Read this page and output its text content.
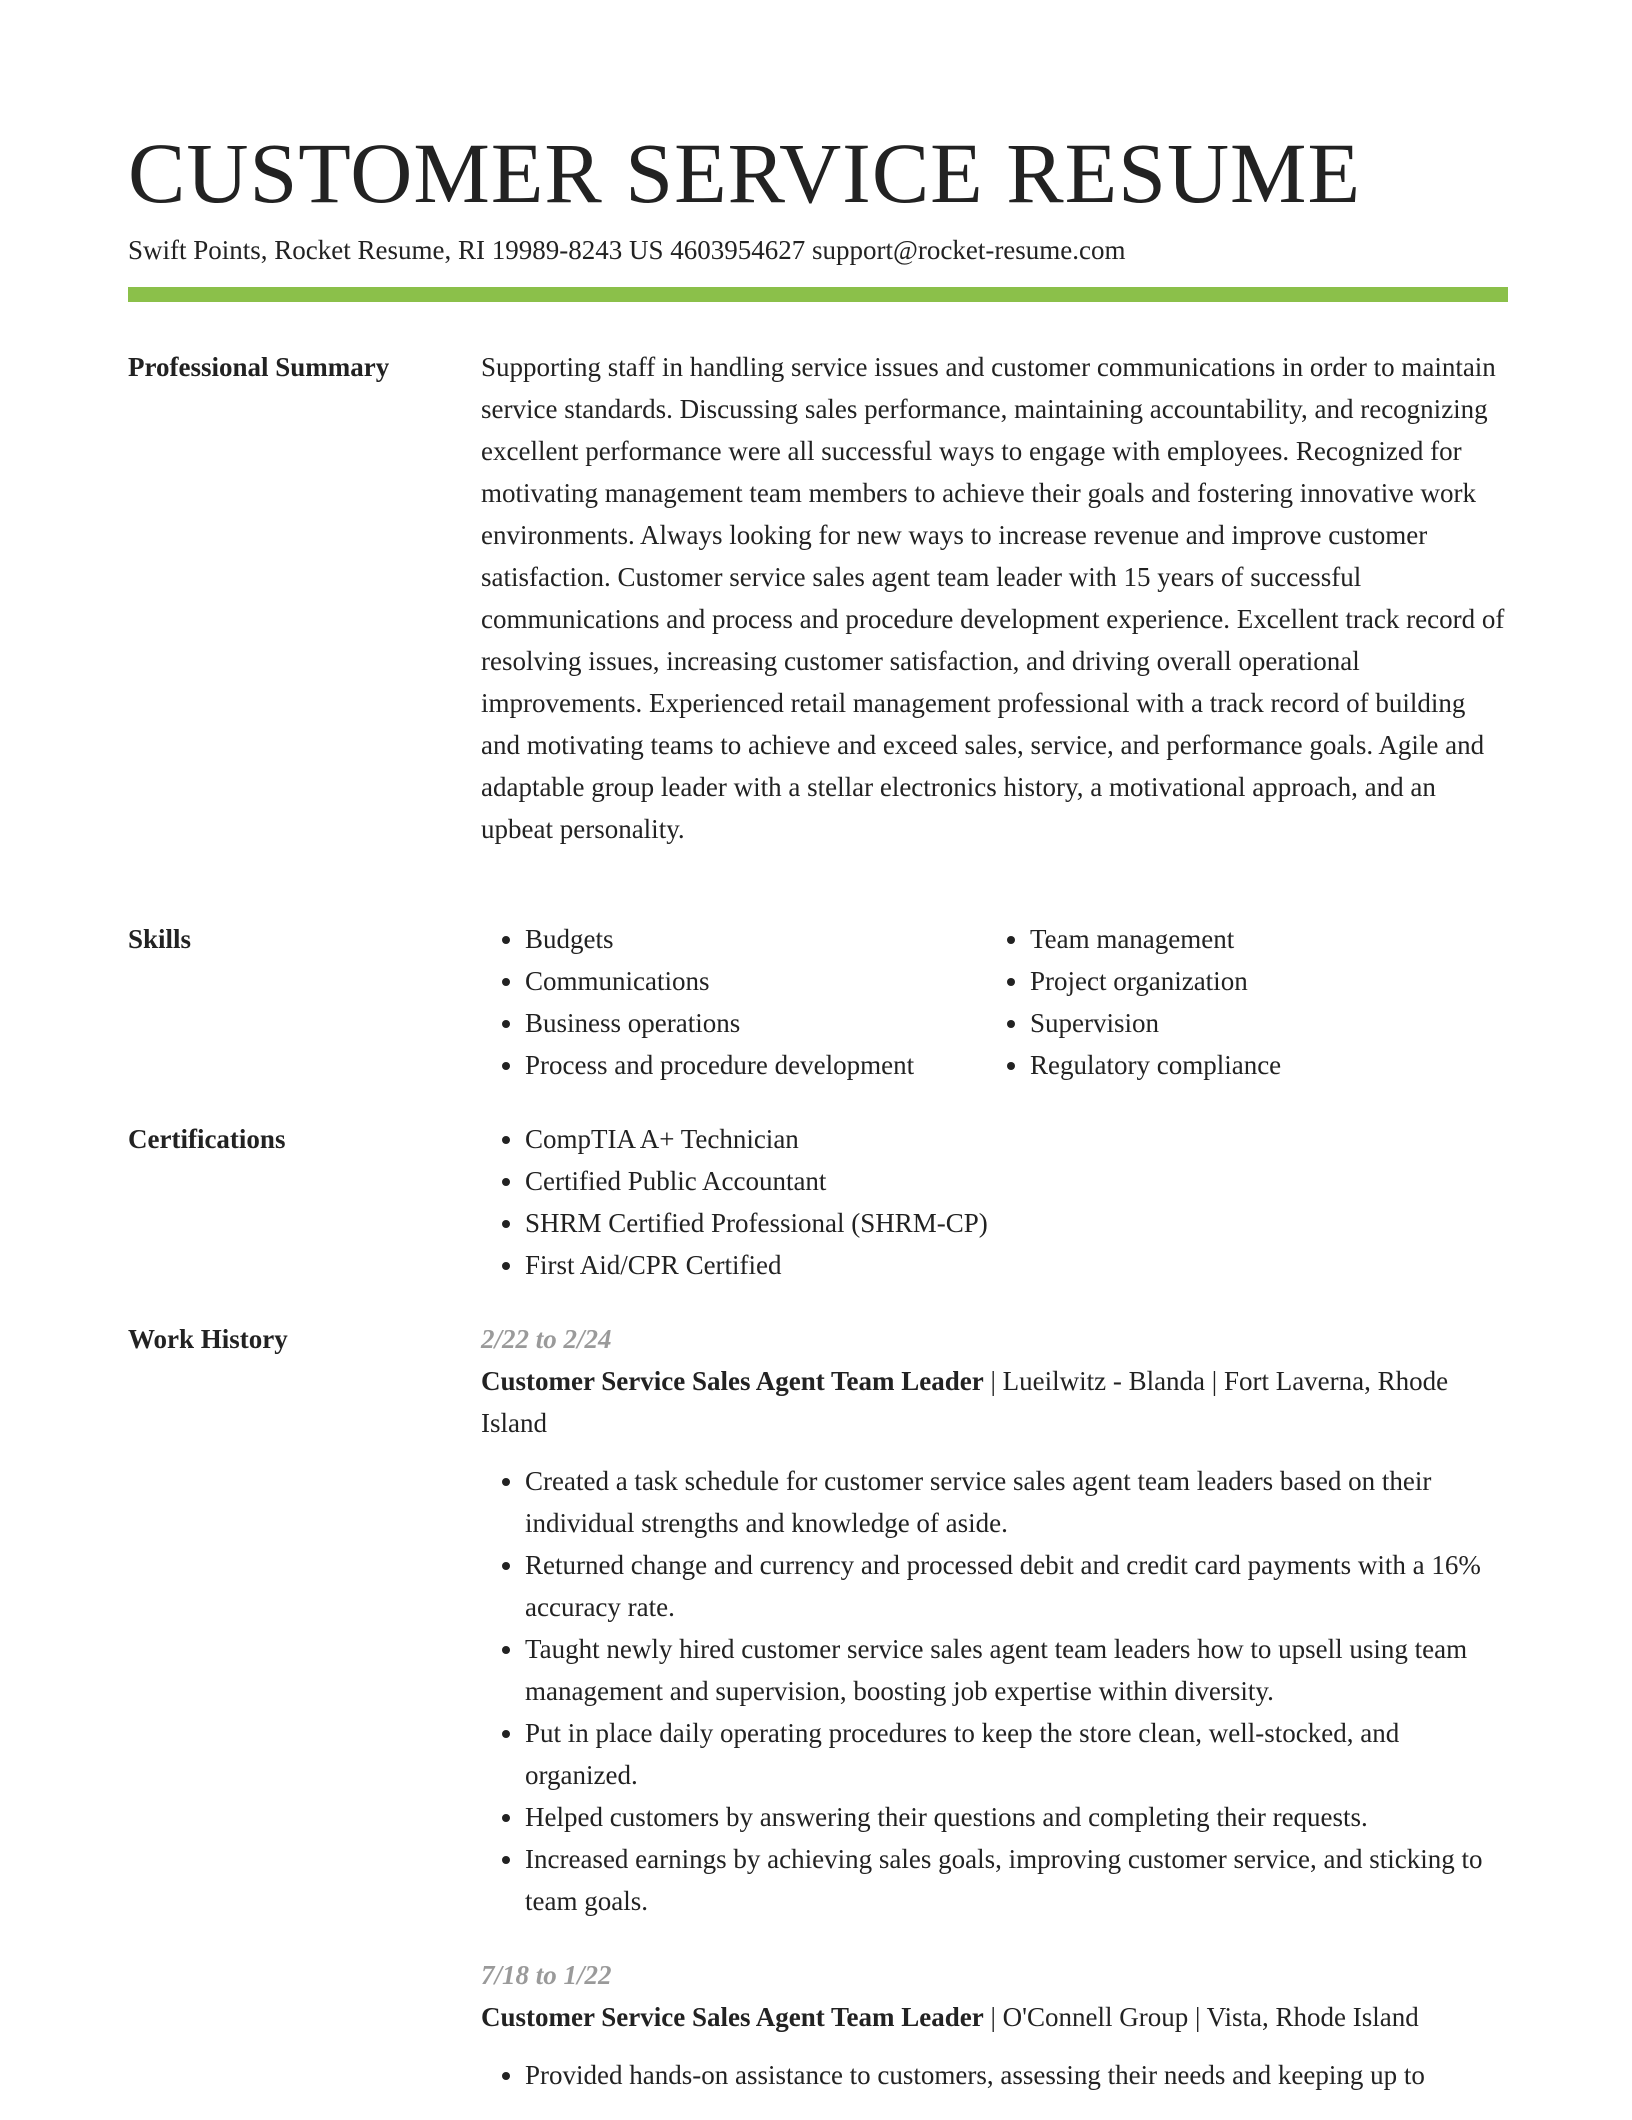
CUSTOMER SERVICE RESUME
Swift Points, Rocket Resume, RI 19989-8243 US 4603954627 support@rocket-resume.com
Professional Summary	Supporting staff in handling service issues and customer communications in order to maintain service standards. Discussing sales performance, maintaining accountability, and recognizing excellent performance were all successful ways to engage with employees. Recognized for motivating management team members to achieve their goals and fostering innovative work environments. Always looking for new ways to increase revenue and improve customer satisfaction. Customer service sales agent team leader with 15 years of successful communications and process and procedure development experience. Excellent track record of resolving issues, increasing customer satisfaction, and driving overall operational improvements. Experienced retail management professional with a track record of building and motivating teams to achieve and exceed sales, service, and performance goals. Agile and adaptable group leader with a stellar electronics history, a motivational approach, and an upbeat personality.

Skills	• Budgets
• Communications
• Business operations
• Process and procedure development
• Team management
• Project organization
• Supervision
• Regulatory compliance
Certifications	• CompTIA A+ Technician
• Certified Public Accountant
• SHRM Certified Professional (SHRM-CP)
• First Aid/CPR Certified
Work History	2/22 to 2/24
Customer Service Sales Agent Team Leader | Lueilwitz - Blanda | Fort Laverna, Rhode Island
• Created a task schedule for customer service sales agent team leaders based on their individual strengths and knowledge of aside.
• Returned change and currency and processed debit and credit card payments with a 16% accuracy rate.
• Taught newly hired customer service sales agent team leaders how to upsell using team management and supervision, boosting job expertise within diversity.
• Put in place daily operating procedures to keep the store clean, well-stocked, and organized.
• Helped customers by answering their questions and completing their requests.
• Increased earnings by achieving sales goals, improving customer service, and sticking to team goals.
7/18 to 1/22
Customer Service Sales Agent Team Leader | O'Connell Group | Vista, Rhode Island
• Provided hands-on assistance to customers, assessing their needs and keeping up to
